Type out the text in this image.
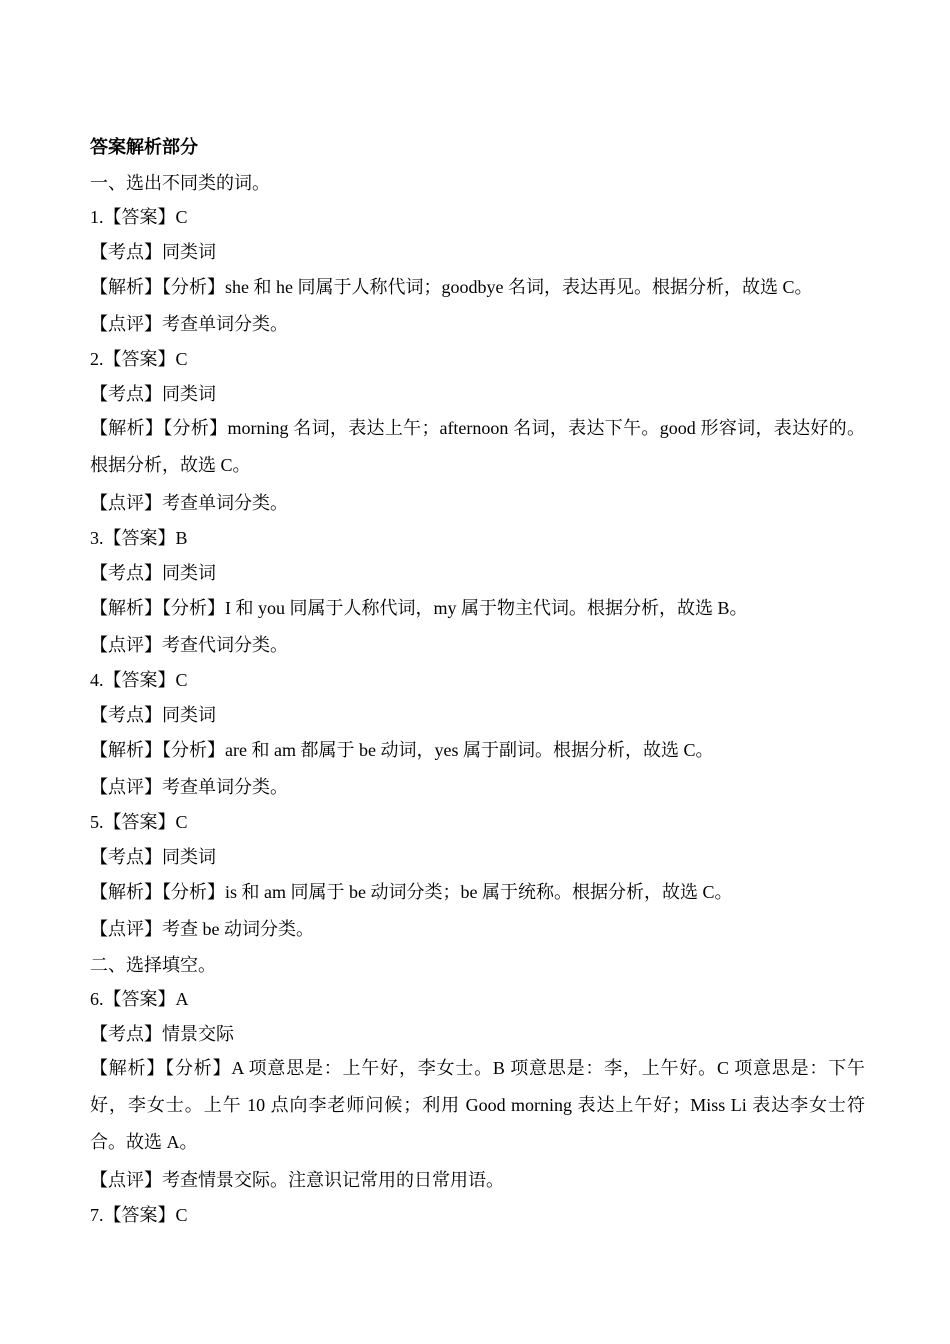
答案解析部分
一、选出不同类的词。
1.【答案】C
【考点】同类词
【解析】【分析】she 和 he 同属于人称代词；goodbye 名词，表达再见。根据分析，故选 C。
【点评】考查单词分类。
2.【答案】C
【考点】同类词
【解析】【分析】morning 名词，表达上午；afternoon 名词，表达下午。good 形容词，表达好的。根据分析，故选 C。
【点评】考查单词分类。
3.【答案】B
【考点】同类词
【解析】【分析】I 和 you 同属于人称代词，my 属于物主代词。根据分析，故选 B。
【点评】考查代词分类。
4.【答案】C
【考点】同类词
【解析】【分析】are 和 am 都属于 be 动词，yes 属于副词。根据分析，故选 C。
【点评】考查单词分类。
5.【答案】C
【考点】同类词
【解析】【分析】is 和 am 同属于 be 动词分类；be 属于统称。根据分析，故选 C。
【点评】考查 be 动词分类。
二、选择填空。
6.【答案】A
【考点】情景交际
【解析】【分析】A 项意思是：上午好，李女士。B 项意思是：李，上午好。C 项意思是：下午好，李女士。上午 10 点向李老师问候；利用 Good morning 表达上午好；Miss Li 表达李女士符合。故选 A。
【点评】考查情景交际。注意识记常用的日常用语。
7.【答案】C
